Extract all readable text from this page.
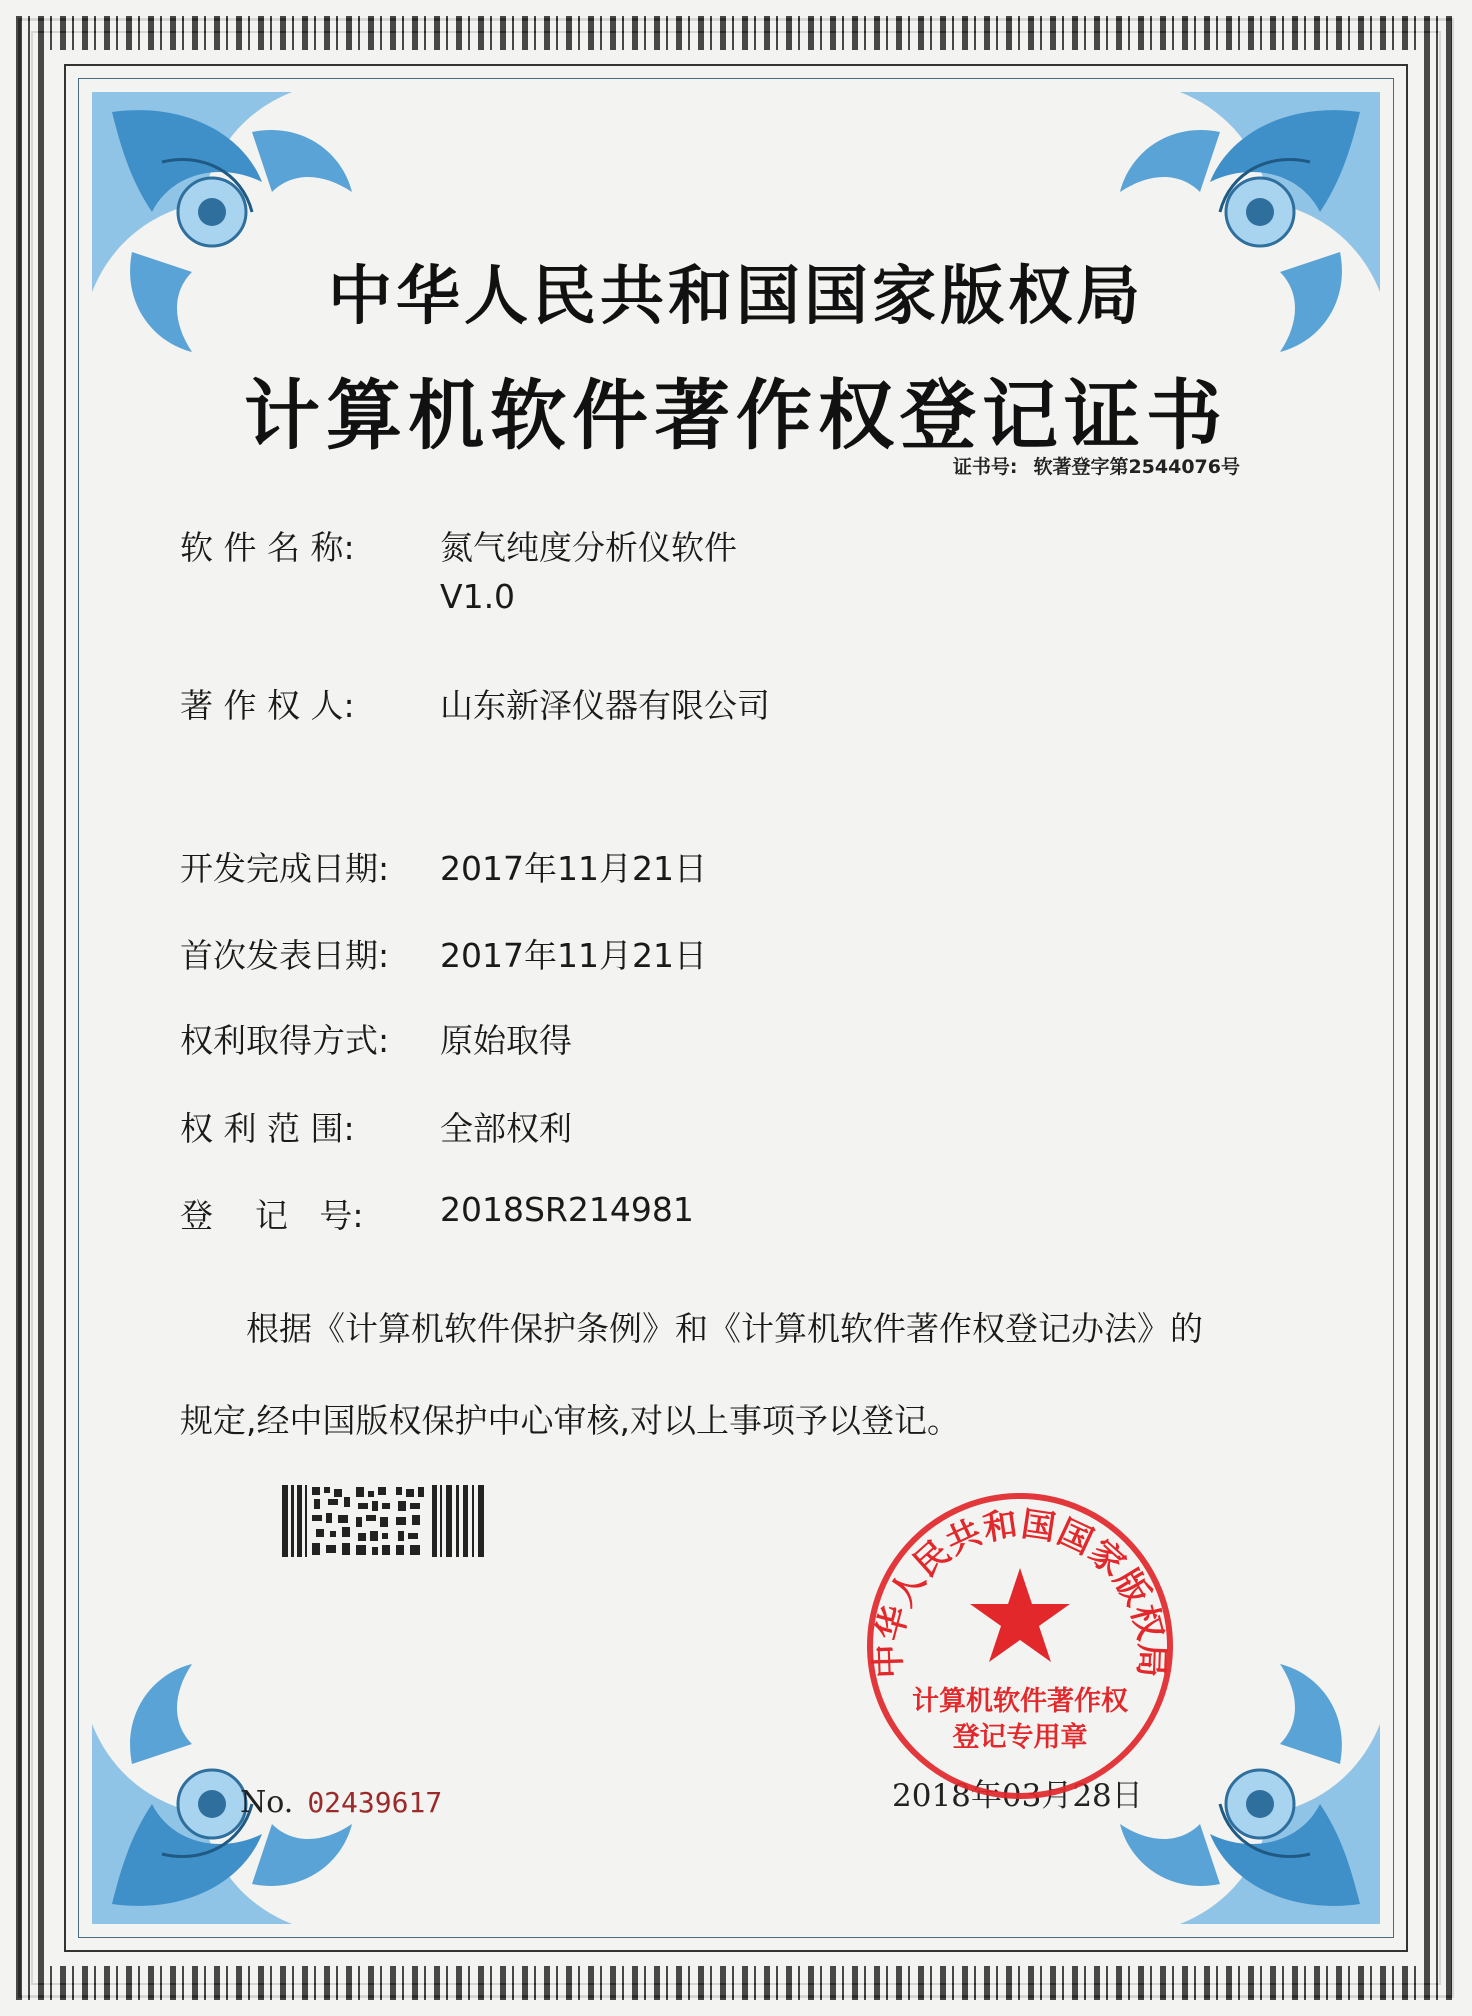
中华人民共和国国家版权局
计算机软件著作权登记证书
证书号: 软著登字第2544076号
软 件 名 称:	氮气纯度分析仪软件
V1.0
著 作 权 人:	山东新泽仪器有限公司
开发完成日期: 2017年11月21日
首次发表日期: 2017年11月21日
权利取得方式: 原始取得
权 利 范 围:	全部权利
登    记   号: 2018SR214981
根据《计算机软件保护条例》和《计算机软件著作权登记办法》的
规定,经中国版权保护中心审核,对以上事项予以登记。
No. 02439617	2018年03月28日
中华人民共和国国家版权局
计算机软件著作权
登记专用章
